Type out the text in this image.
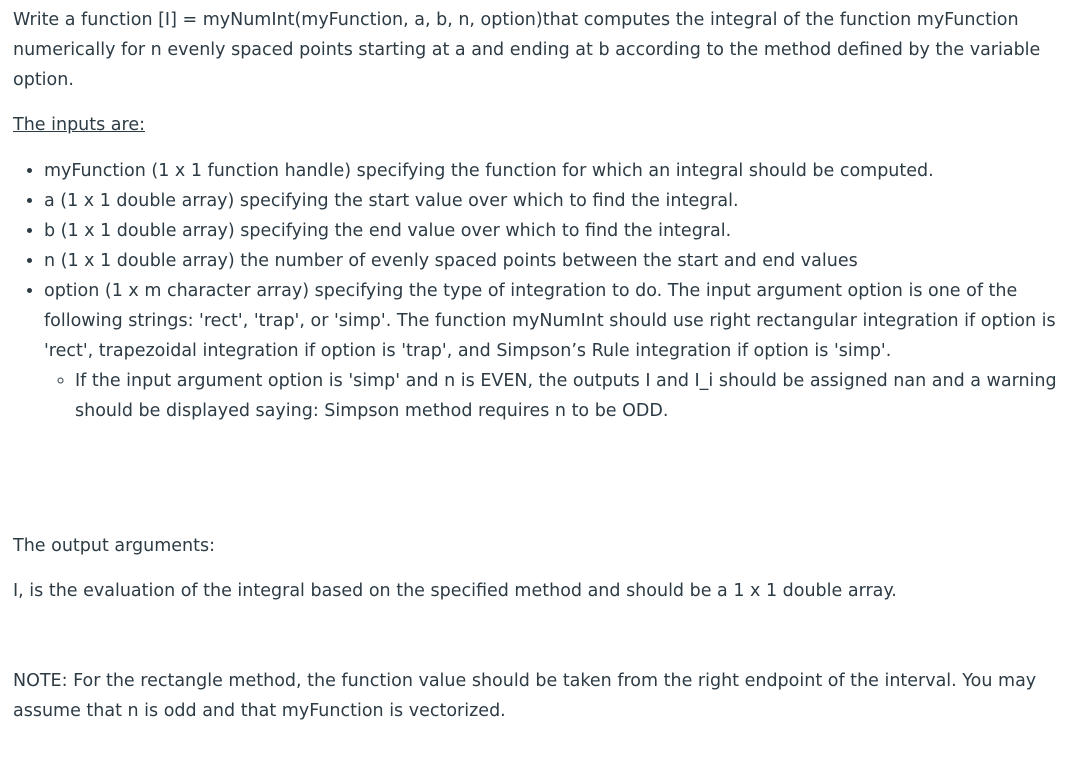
Write a function [I] = myNumInt(myFunction, a, b, n, option)that computes the integral of the function myFunction numerically for n evenly spaced points starting at a and ending at b according to the method defined by the variable option.

The inputs are:

• myFunction (1 x 1 function handle) specifying the function for which an integral should be computed.
• a (1 x 1 double array) specifying the start value over which to find the integral.
• b (1 x 1 double array) specifying the end value over which to find the integral.
• n (1 x 1 double array) the number of evenly spaced points between the start and end values
• option (1 x m character array) specifying the type of integration to do. The input argument option is one of the following strings: 'rect', 'trap', or 'simp'. The function myNumInt should use right rectangular integration if option is 'rect', trapezoidal integration if option is 'trap', and Simpson’s Rule integration if option is 'simp'.
◦ If the input argument option is 'simp' and n is EVEN, the outputs I and I_i should be assigned nan and a warning should be displayed saying: Simpson method requires n to be ODD.

The output arguments:

I, is the evaluation of the integral based on the specified method and should be a 1 x 1 double array.

NOTE: For the rectangle method, the function value should be taken from the right endpoint of the interval. You may assume that n is odd and that myFunction is vectorized.
